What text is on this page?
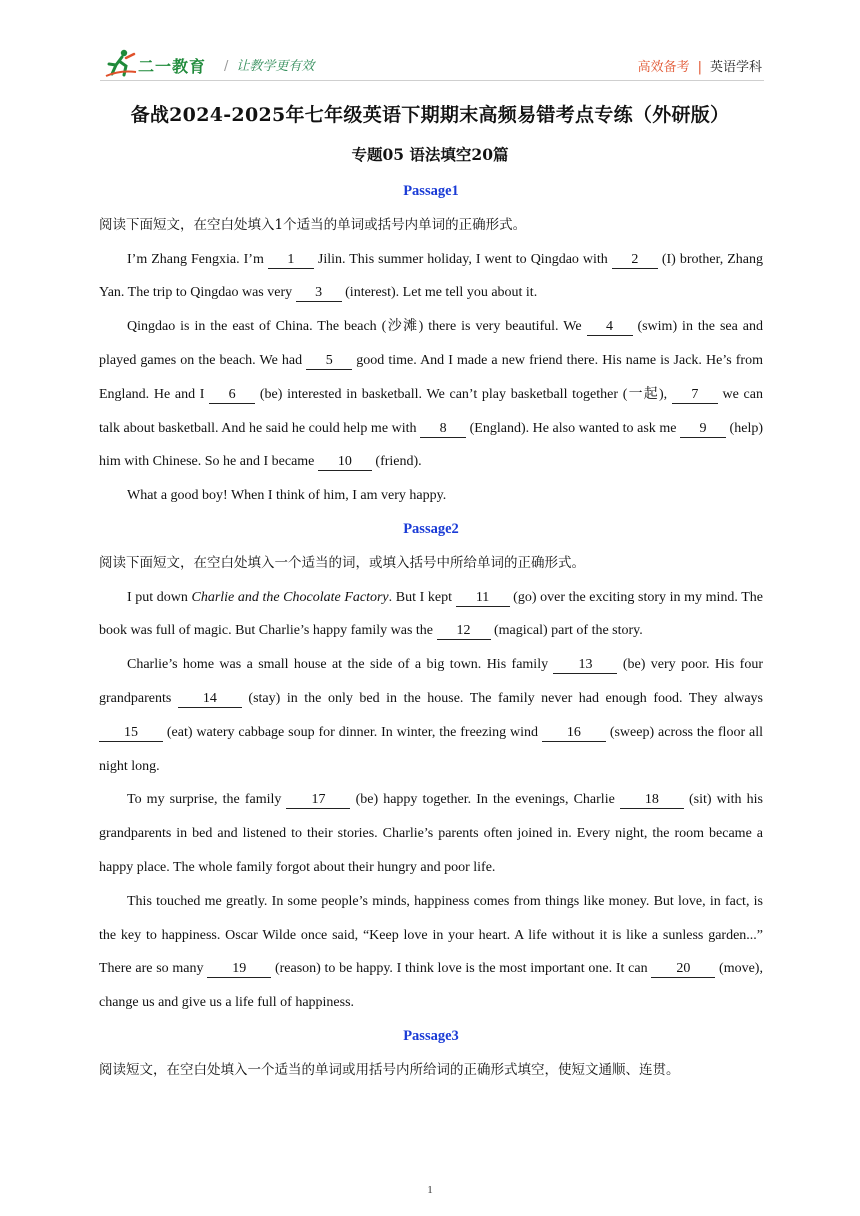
二一教育 / 让教学更有效	高效备考 | 英语学科
备战2024-2025年七年级英语下期期末高频易错考点专练（外研版）
专题05 语法填空20篇
Passage1
阅读下面短文，在空白处填入1个适当的单词或括号内单词的正确形式。

I’m Zhang Fengxia. I’m 1 Jilin. This summer holiday, I went to Qingdao with 2 (I) brother, Zhang Yan. The trip to Qingdao was very 3 (interest). Let me tell you about it.

Qingdao is in the east of China. The beach (沙滩) there is very beautiful. We 4 (swim) in the sea and played games on the beach. We had 5 good time. And I made a new friend there. His name is Jack. He’s from England. He and I 6 (be) interested in basketball. We can’t play basketball together (一起), 7 we can talk about basketball. And he said he could help me with 8 (England). He also wanted to ask me 9 (help) him with Chinese. So he and I became 10 (friend).

What a good boy! When I think of him, I am very happy.

Passage2
阅读下面短文，在空白处填入一个适当的词，或填入括号中所给单词的正确形式。

I put down Charlie and the Chocolate Factory. But I kept 11 (go) over the exciting story in my mind. The book was full of magic. But Charlie’s happy family was the 12 (magical) part of the story.

Charlie’s home was a small house at the side of a big town. His family 13 (be) very poor. His four grandparents 14 (stay) in the only bed in the house. The family never had enough food. They always 15 (eat) watery cabbage soup for dinner. In winter, the freezing wind 16 (sweep) across the floor all night long.

To my surprise, the family 17 (be) happy together. In the evenings, Charlie 18 (sit) with his grandparents in bed and listened to their stories. Charlie’s parents often joined in. Every night, the room became a happy place. The whole family forgot about their hungry and poor life.

This touched me greatly. In some people’s minds, happiness comes from things like money. But love, in fact, is the key to happiness. Oscar Wilde once said, “Keep love in your heart. A life without it is like a sunless garden...” There are so many 19 (reason) to be happy. I think love is the most important one. It can 20 (move), change us and give us a life full of happiness.

Passage3
阅读短文，在空白处填入一个适当的单词或用括号内所给词的正确形式填空，使短文通顺、连贯。
1
